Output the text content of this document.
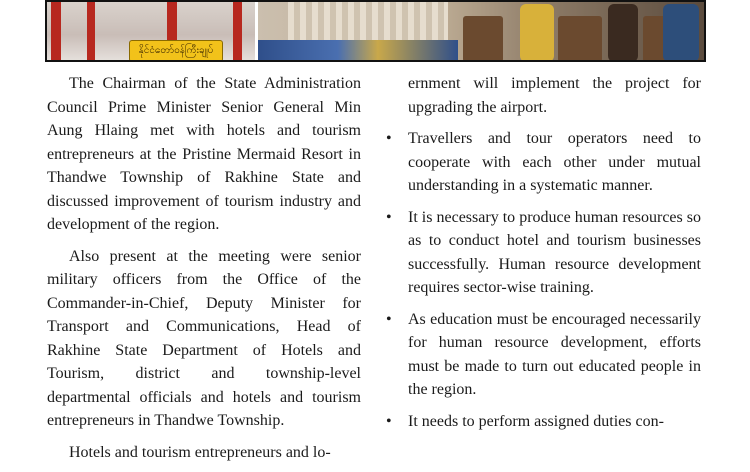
နိုင်ငံတော်ဝန်ကြီးချုပ်

The Chairman of the State Administration Council Prime Minister Senior General Min Aung Hlaing met with hotels and tourism entrepreneurs at the Pristine Mermaid Resort in Thandwe Township of Rakhine State and discussed improvement of tourism industry and development of the region.

Also present at the meeting were senior military officers from the Office of the Commander-in-Chief, Deputy Minister for Transport and Communications, Head of Rakhine State Department of Hotels and Tourism, district and township-level departmental officials and hotels and tourism entrepreneurs in Thandwe Township.

Hotels and tourism entrepreneurs and lo-

ernment will implement the project for upgrading the airport.

• Travellers and tour operators need to cooperate with each other under mutual understanding in a systematic manner.
• It is necessary to produce human resources so as to conduct hotel and tourism businesses successfully. Human resource development requires sector-wise training.
• As education must be encouraged necessarily for human resource development, efforts must be made to turn out educated people in the region.
• It needs to perform assigned duties con-
